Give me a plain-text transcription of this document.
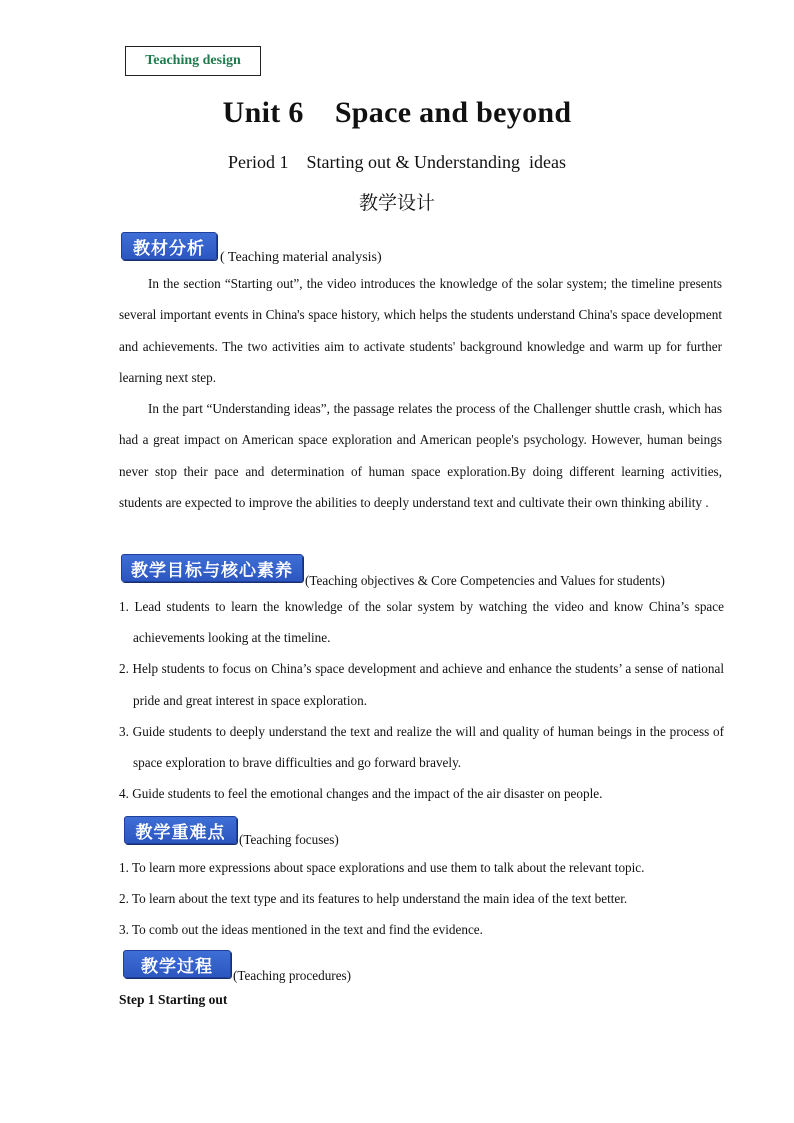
Teaching design
Unit 6    Space and beyond
Period 1    Starting out & Understanding  ideas
教学设计
教材分析	( Teaching material analysis)

In the section “Starting out”, the video introduces the knowledge of the solar system; the timeline presents several important events in China's space history, which helps the students understand China's space development and achievements. The two activities aim to activate students' background knowledge and warm up for further learning next step.

In the part “Understanding ideas”, the passage relates the process of the Challenger shuttle crash, which has had a great impact on American space exploration and American people's psychology. However, human beings never stop their pace and determination of human space exploration.By doing different learning activities, students are expected to improve the abilities to deeply understand text and cultivate their own thinking ability .

教学目标与核心素养 (Teaching objectives & Core Competencies and Values for students)
1. Lead students to learn the knowledge of the solar system by watching the video and know China’s space achievements looking at the timeline.
2. Help students to focus on China’s space development and achieve and enhance the students’ a sense of national pride and great interest in space exploration.
3. Guide students to deeply understand the text and realize the will and quality of human beings in the process of space exploration to brave difficulties and go forward bravely.
4. Guide students to feel the emotional changes and the impact of the air disaster on people.
教学重难点	(Teaching focuses)
1. To learn more expressions about space explorations and use them to talk about the relevant topic.
2. To learn about the text type and its features to help understand the main idea of the text better.
3. To comb out the ideas mentioned in the text and find the evidence.
教学过程	(Teaching procedures)
Step 1 Starting out
